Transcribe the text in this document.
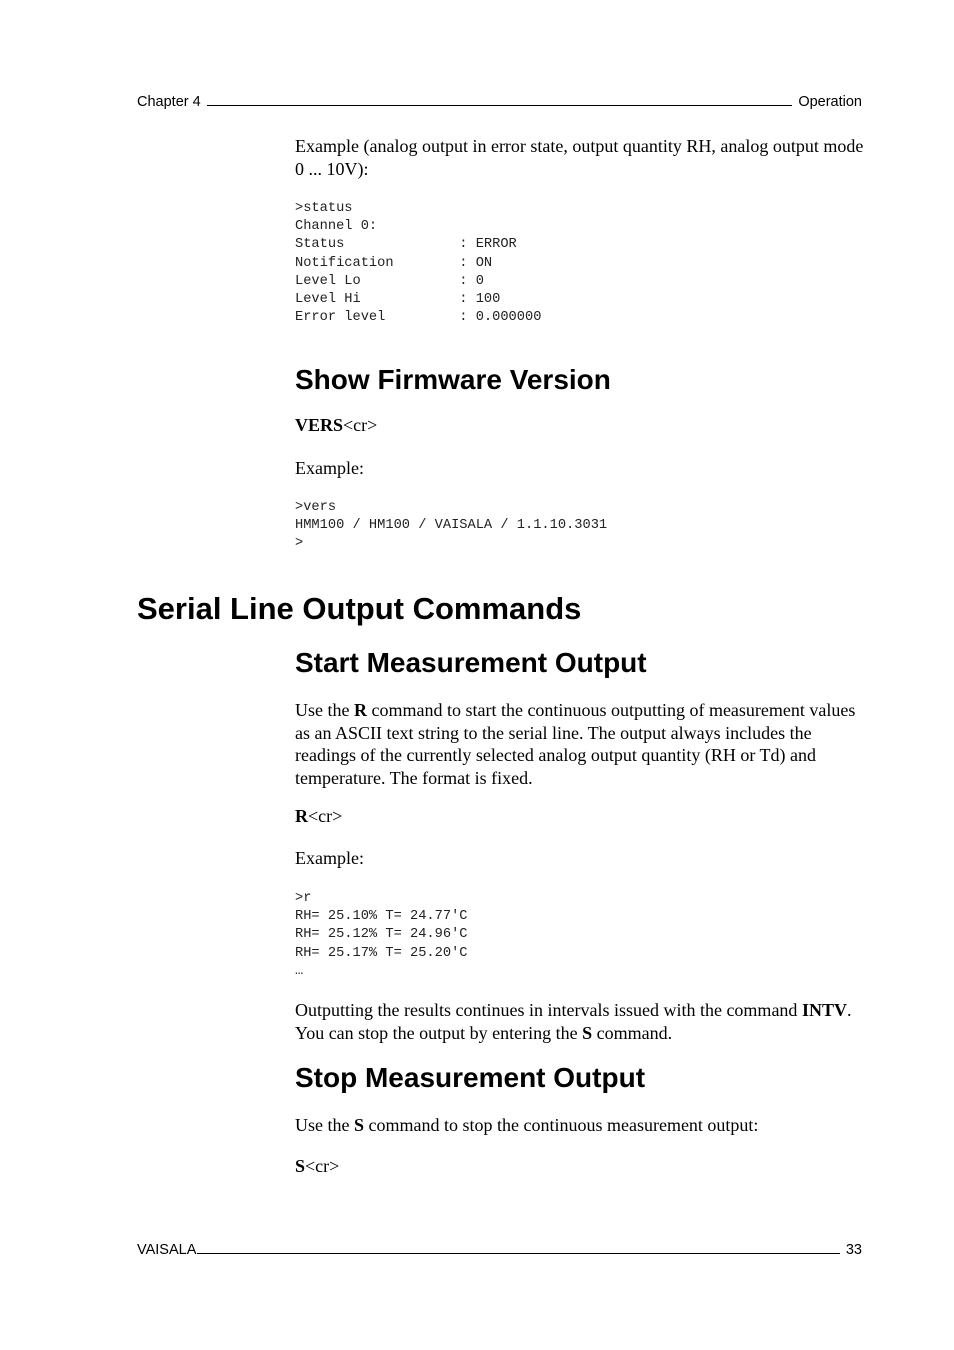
Chapter 4	Operation

Example (analog output in error state, output quantity RH, analog output mode 0 ... 10V):

>status
Channel 0:
Status              : ERROR
Notification        : ON
Level Lo            : 0
Level Hi            : 100
Error level         : 0.000000
Show Firmware Version

VERS<cr>

Example:

>vers
HMM100 / HM100 / VAISALA / 1.1.10.3031
>
Serial Line Output Commands
Start Measurement Output

Use the R command to start the continuous outputting of measurement values as an ASCII text string to the serial line. The output always includes the readings of the currently selected analog output quantity (RH or Td) and temperature. The format is fixed.

R<cr>

Example:

>r
RH= 25.10% T= 24.77'C
RH= 25.12% T= 24.96'C
RH= 25.17% T= 25.20'C
…

Outputting the results continues in intervals issued with the command INTV. You can stop the output by entering the S command.

Stop Measurement Output

Use the S command to stop the continuous measurement output:

S<cr>

VAISALA	33
